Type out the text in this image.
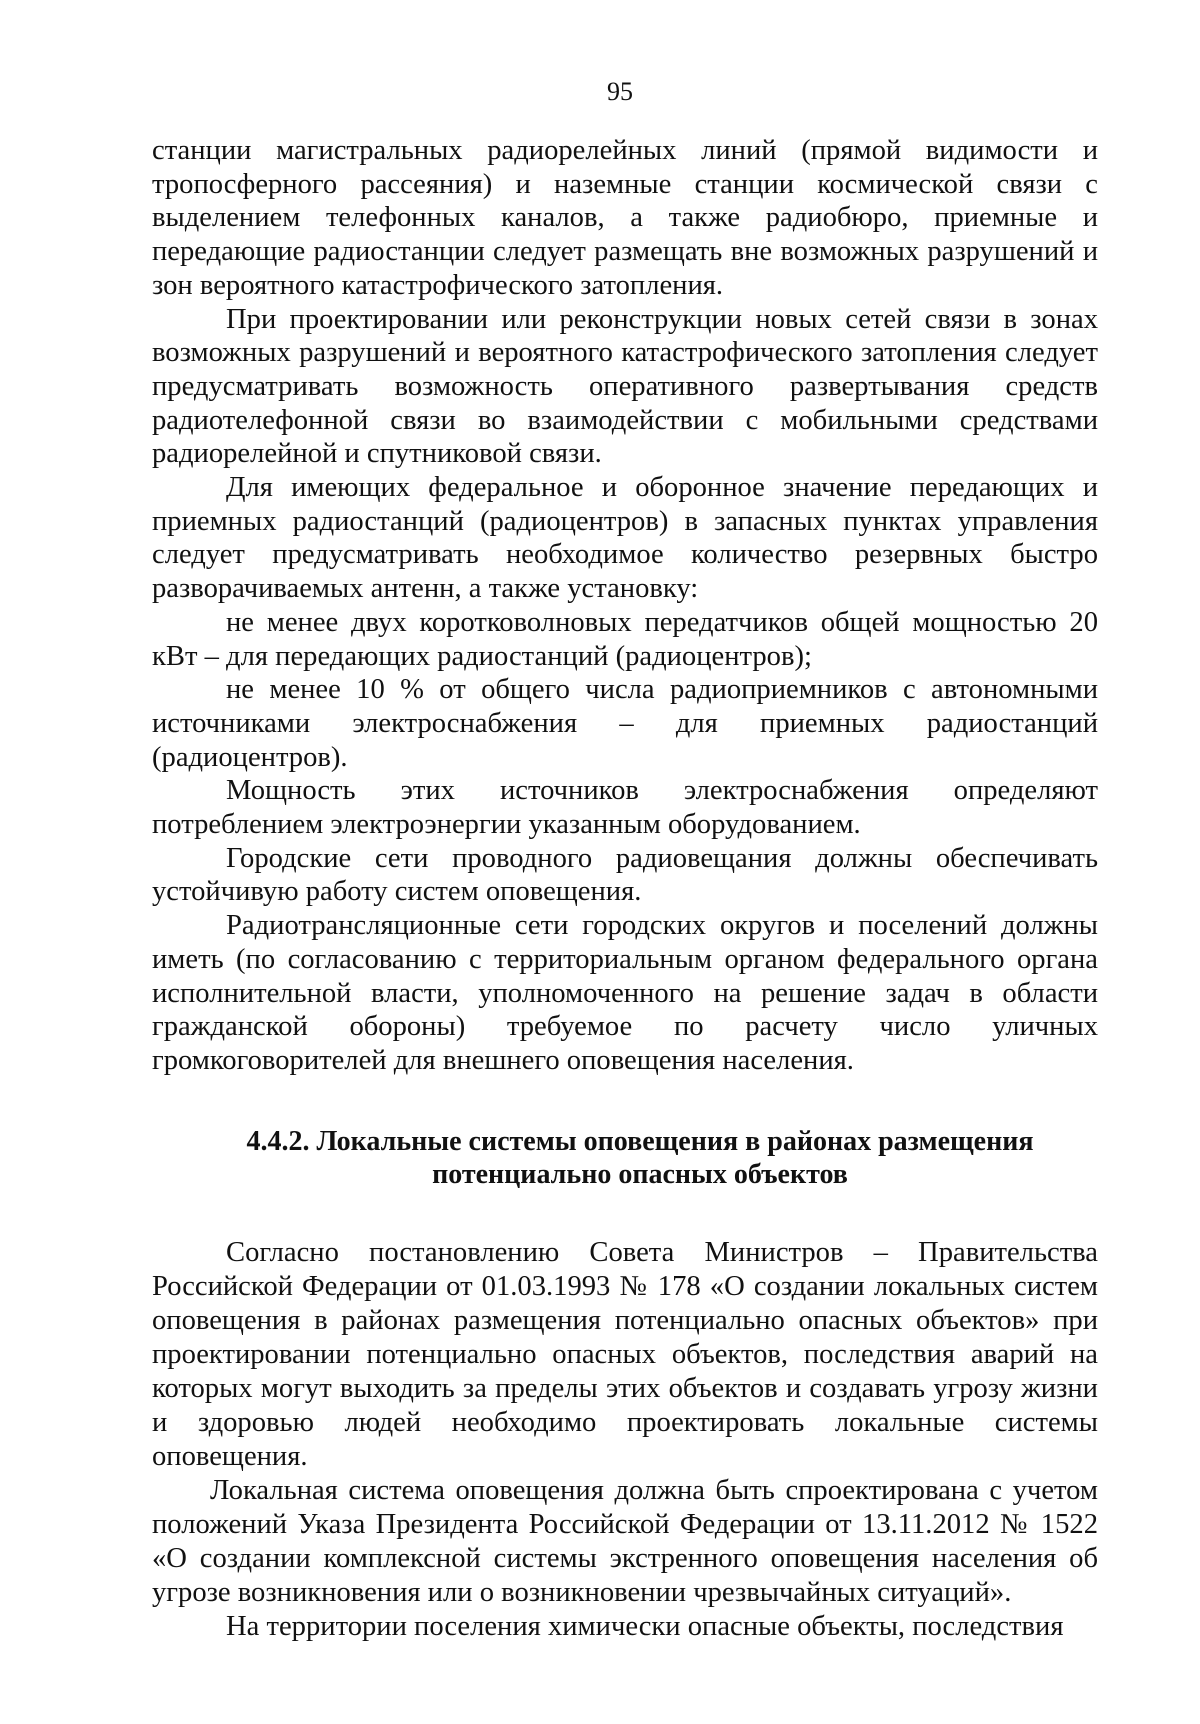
95

станции магистральных радиорелейных линий (прямой видимости и тропосферного рассеяния) и наземные станции космической связи с выделением телефонных каналов, а также радиобюро, приемные и передающие радиостанции следует размещать вне возможных разрушений и зон вероятного катастрофического затопления.

При проектировании или реконструкции новых сетей связи в зонах возможных разрушений и вероятного катастрофического затопления следует предусматривать возможность оперативного развертывания средств радиотелефонной связи во взаимодействии с мобильными средствами радиорелейной и спутниковой связи.

Для имеющих федеральное и оборонное значение передающих и приемных радиостанций (радиоцентров) в запасных пунктах управления следует предусматривать необходимое количество резервных быстро разворачиваемых антенн, а также установку:

не менее двух коротковолновых передатчиков общей мощностью 20 кВт – для передающих радиостанций (радиоцентров);

не менее 10 % от общего числа радиоприемников с автономными источниками электроснабжения – для приемных радиостанций (радиоцентров).

Мощность этих источников электроснабжения определяют потреблением электроэнергии указанным оборудованием.

Городские сети проводного радиовещания должны обеспечивать устойчивую работу систем оповещения.

Радиотрансляционные сети городских округов и поселений должны иметь (по согласованию с территориальным органом федерального органа исполнительной власти, уполномоченного на решение задач в области гражданской обороны) требуемое по расчету число уличных громкоговорителей для внешнего оповещения населения.

4.4.2. Локальные системы оповещения в районах размещения
потенциально опасных объектов

Согласно постановлению Совета Министров – Правительства Российской Федерации от 01.03.1993 № 178 «О создании локальных систем оповещения в районах размещения потенциально опасных объектов» при проектировании потенциально опасных объектов, последствия аварий на которых могут выходить за пределы этих объектов и создавать угрозу жизни и здоровью людей необходимо проектировать локальные системы оповещения.

Локальная система оповещения должна быть спроектирована с учетом положений Указа Президента Российской Федерации от 13.11.2012 № 1522 «О создании комплексной системы экстренного оповещения населения об угрозе возникновения или о возникновении чрезвычайных ситуаций».

На территории поселения химически опасные объекты, последствия
